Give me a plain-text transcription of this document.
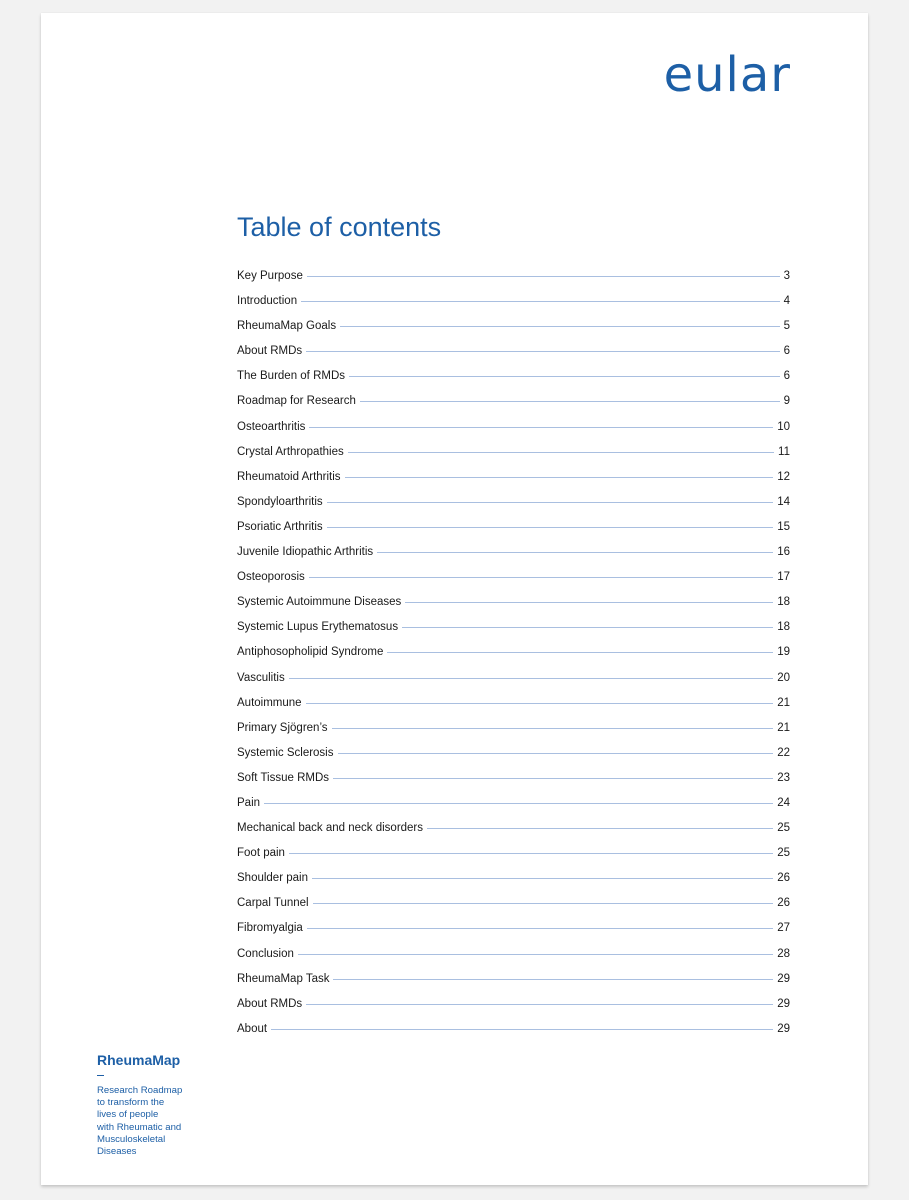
eular
Table of contents
Key Purpose	3
Introduction	4
RheumaMap Goals	5
About RMDs	6
The Burden of RMDs	6
Roadmap for Research	9
Osteoarthritis	10
Crystal Arthropathies	11
Rheumatoid Arthritis	12
Spondyloarthritis	14
Psoriatic Arthritis	15
Juvenile Idiopathic Arthritis	16
Osteoporosis	17
Systemic Autoimmune Diseases	18
Systemic Lupus Erythematosus	18
Antiphosopholipid Syndrome	19
Vasculitis	20
Autoimmune	21
Primary Sjögren’s	21
Systemic Sclerosis	22
Soft Tissue RMDs	23
Pain	24
Mechanical back and neck disorders	25
Foot pain	25
Shoulder pain	26
Carpal Tunnel	26
Fibromyalgia	27
Conclusion	28
RheumaMap Task	29
About RMDs	29
About	29

RheumaMap

Research Roadmap

to transform the

lives of people

with Rheumatic and

Musculoskeletal

Diseases
